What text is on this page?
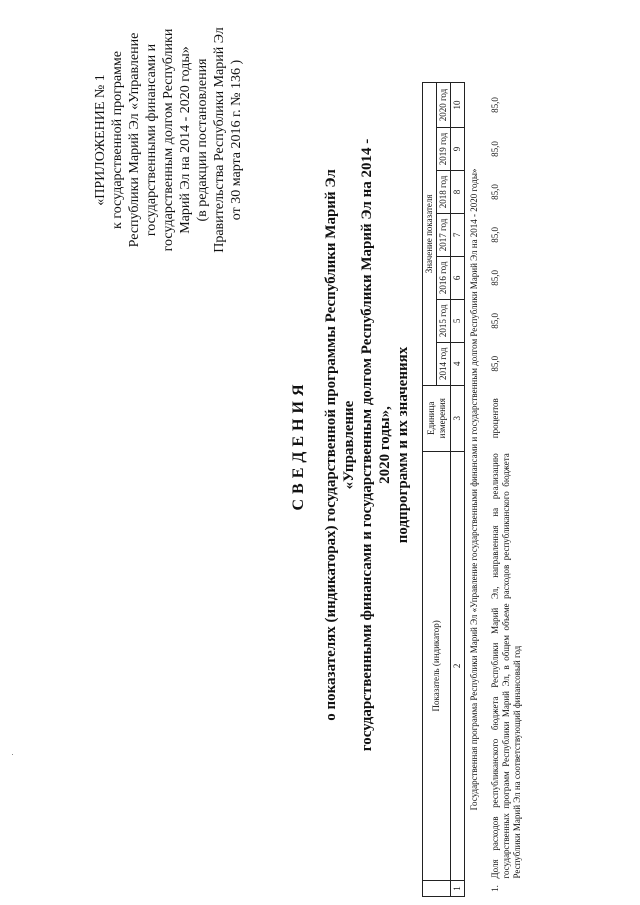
«ПРИЛОЖЕНИЕ № 1 к государственной программе Республики Марий Эл «Управление государственными финансами и государственным долгом Республики Марий Эл на 2014 - 2020 годы» (в редакции постановления Правительства Республики Марий Эл от 30 марта 2016 г. № 136 )
СВЕДЕНИЯ о показателях (индикаторах) государственной программы Республики Марий Эл «Управление государственными финансами и государственным долгом Республики Марий Эл на 2014 - 2020 годы», подпрограмм и их значениях
	Показатель (индикатор)	Единица измерения	Значение показателя						
			2014 год	2015 год	2016 год	2017 год	2018 год	2019 год	2020 год
1	2	3	4	5	6	7	8	9	10
Государственная программа Республики Марий Эл «Управление государственными финансами и государственным долгом Республики Марий Эл на 2014 - 2020 годы»									
1.	Доля расходов республиканского бюджета Республики Марий Эл, направленная на реализацию государственных программ Республики Марий Эл, в общем объеме расходов республиканского бюджета Республики Марий Эл на соответствующий финансовый год	процентов	85,0	85,0	85,0	85,0	85,0	85,0	85,0
